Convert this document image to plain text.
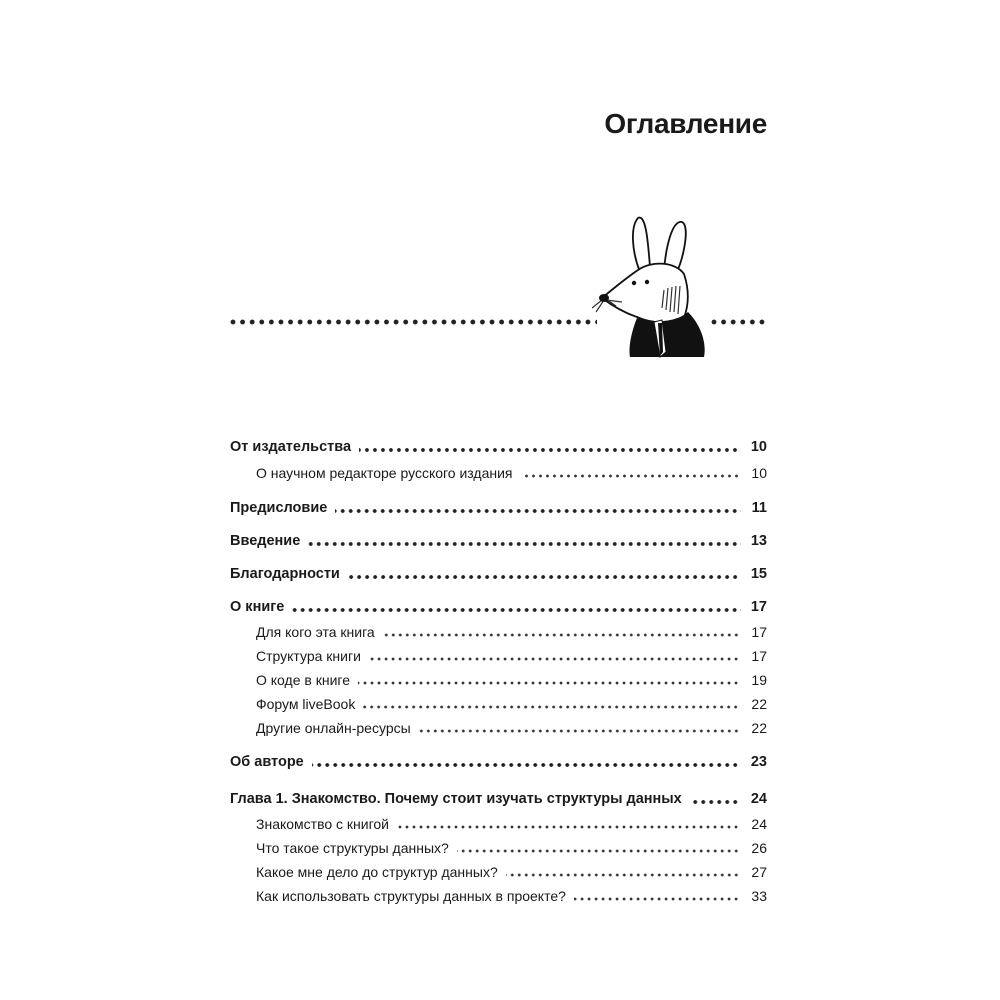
Оглавление
От издательства	10
О научном редакторе русского издания	10
Предисловие	11
Введение	13
Благодарности	15
О книге	17
Для кого эта книга	17
Структура книги	17
О коде в книге	19
Форум liveBook	22
Другие онлайн-ресурсы	22
Об авторе	23
Глава 1. Знакомство. Почему стоит изучать структуры данных	24
Знакомство с книгой	24
Что такое структуры данных?	26
Какое мне дело до структур данных?	27
Как использовать структуры данных в проекте?	33
